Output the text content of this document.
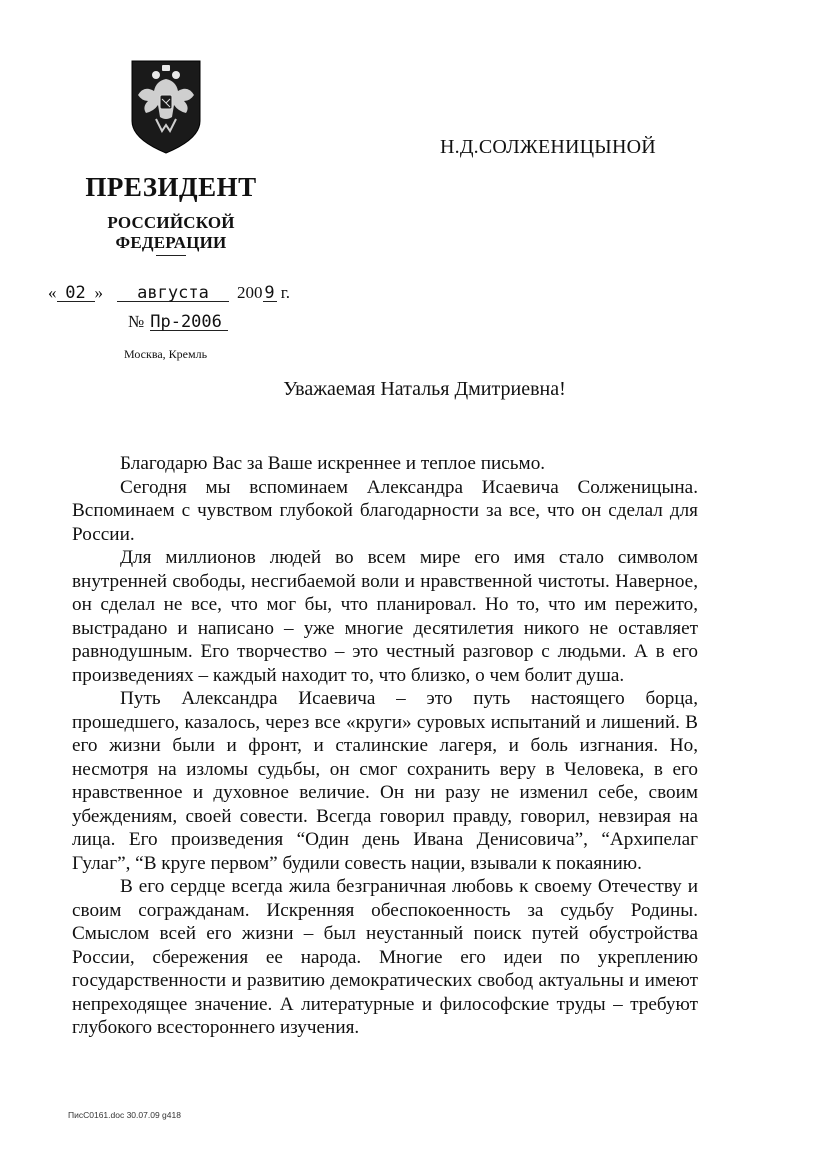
Н.Д.СОЛЖЕНИЦЫНОЙ
ПРЕЗИДЕНТ
РОССИЙСКОЙ ФЕДЕРАЦИИ
« 02 » августа 200 9 г.
№ Пр-2006
Москва, Кремль
Уважаемая Наталья Дмитриевна!

Благодарю Вас за Ваше искреннее и теплое письмо.

Сегодня мы вспоминаем Александра Исаевича Солженицына. Вспоминаем с чувством глубокой благодарности за все, что он сделал для России.

Для миллионов людей во всем мире его имя стало символом внутренней свободы, несгибаемой воли и нравственной чистоты. Наверное, он сделал не все, что мог бы, что планировал. Но то, что им пережито, выстрадано и написано – уже многие десятилетия никого не оставляет равнодушным. Его творчество – это честный разговор с людьми. А в его произведениях – каждый находит то, что близко, о чем болит душа.

Путь Александра Исаевича – это путь настоящего борца, прошедшего, казалось, через все «круги» суровых испытаний и лишений. В его жизни были и фронт, и сталинские лагеря, и боль изгнания. Но, несмотря на изломы судьбы, он смог сохранить веру в Человека, в его нравственное и духовное величие. Он ни разу не изменил себе, своим убеждениям, своей совести. Всегда говорил правду, говорил, невзирая на лица. Его произведения “Один день Ивана Денисовича”, “Архипелаг Гулаг”, “В круге первом” будили совесть нации, взывали к покаянию.

В его сердце всегда жила безграничная любовь к своему Отечеству и своим согражданам. Искренняя обеспокоенность за судьбу Родины. Смыслом всей его жизни – был неустанный поиск путей обустройства России, сбережения ее народа. Многие его идеи по укреплению государственности и развитию демократических свобод актуальны и имеют непреходящее значение. А литературные и философские труды – требуют глубокого всестороннего изучения.

ПисС0161.doc 30.07.09 g418
